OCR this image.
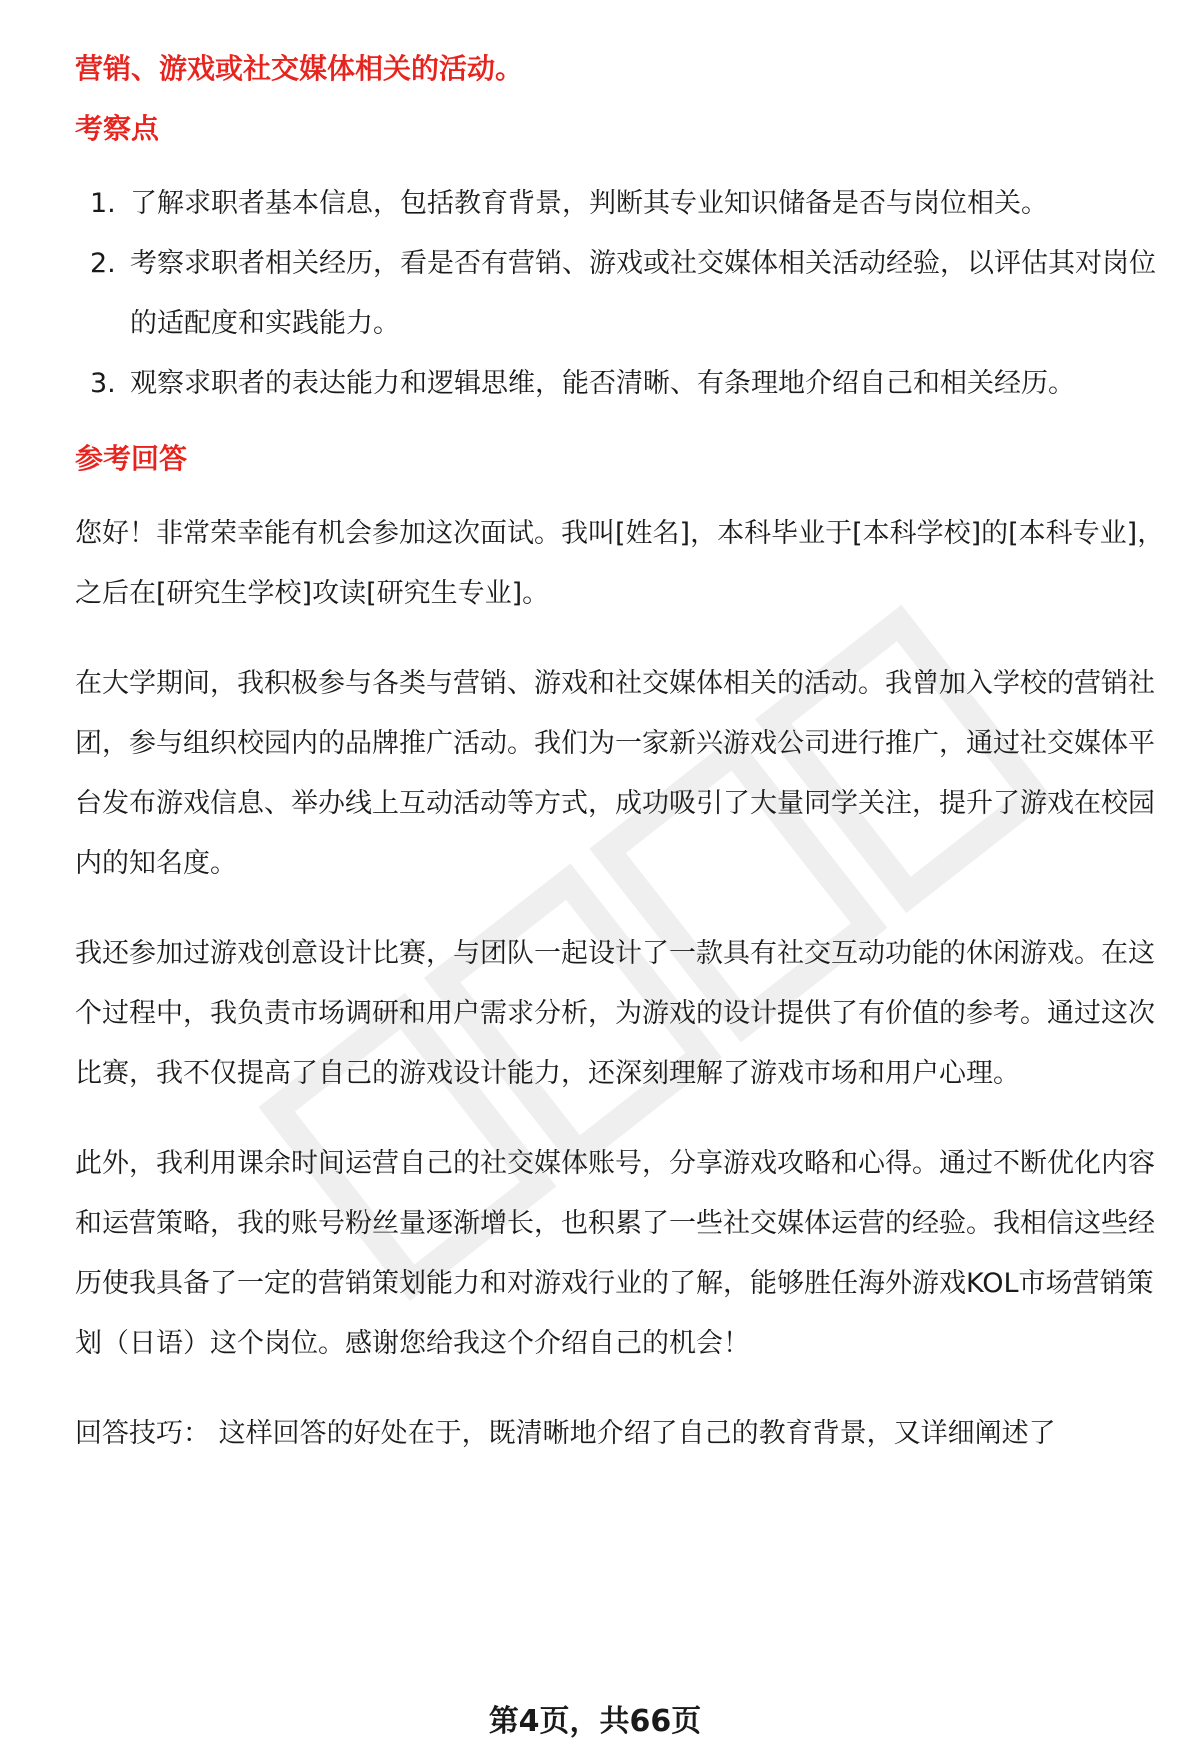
营销、游戏或社交媒体相关的活动。

考察点
1. 了解求职者基本信息，包括教育背景，判断其专业知识储备是否与岗位相关。
2. 考察求职者相关经历，看是否有营销、游戏或社交媒体相关活动经验，以评估其对岗位的适配度和实践能力。
3. 观察求职者的表达能力和逻辑思维，能否清晰、有条理地介绍自己和相关经历。
参考回答

您好！非常荣幸能有机会参加这次面试。我叫[姓名]，本科毕业于[本科学校]的[本科专业]，之后在[研究生学校]攻读[研究生专业]。

在大学期间，我积极参与各类与营销、游戏和社交媒体相关的活动。我曾加入学校的营销社团，参与组织校园内的品牌推广活动。我们为一家新兴游戏公司进行推广，通过社交媒体平台发布游戏信息、举办线上互动活动等方式，成功吸引了大量同学关注，提升了游戏在校园内的知名度。

我还参加过游戏创意设计比赛，与团队一起设计了一款具有社交互动功能的休闲游戏。在这个过程中，我负责市场调研和用户需求分析，为游戏的设计提供了有价值的参考。通过这次比赛，我不仅提高了自己的游戏设计能力，还深刻理解了游戏市场和用户心理。

此外，我利用课余时间运营自己的社交媒体账号，分享游戏攻略和心得。通过不断优化内容和运营策略，我的账号粉丝量逐渐增长，也积累了一些社交媒体运营的经验。我相信这些经历使我具备了一定的营销策划能力和对游戏行业的了解，能够胜任海外游戏KOL市场营销策划（日语）这个岗位。感谢您给我这个介绍自己的机会！

回答技巧： 这样回答的好处在于，既清晰地介绍了自己的教育背景，又详细阐述了

第4页，共66页
